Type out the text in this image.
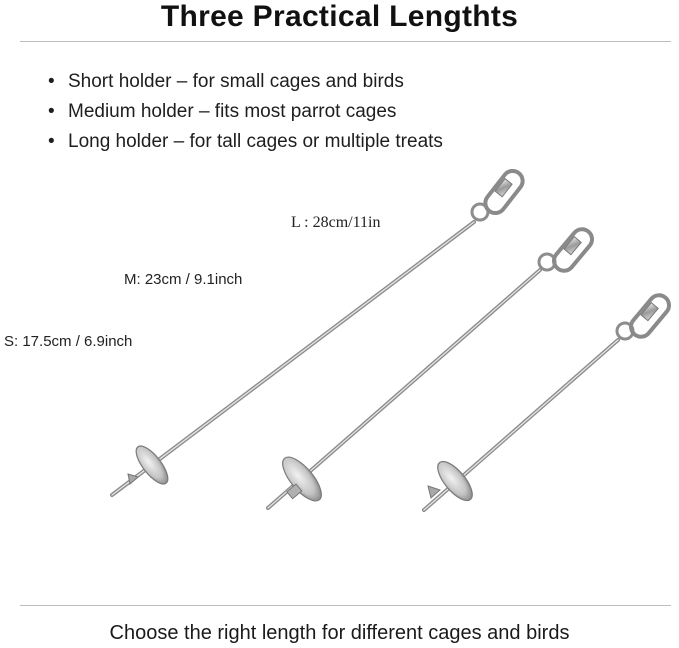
Three Practical Lengthts
• Short holder – for small cages and birds
• Medium holder – fits most parrot cages
• Long holder – for tall cages or multiple treats
L : 28cm/11in
M: 23cm / 9.1inch
S: 17.5cm / 6.9inch
Choose the right length for different cages and birds
